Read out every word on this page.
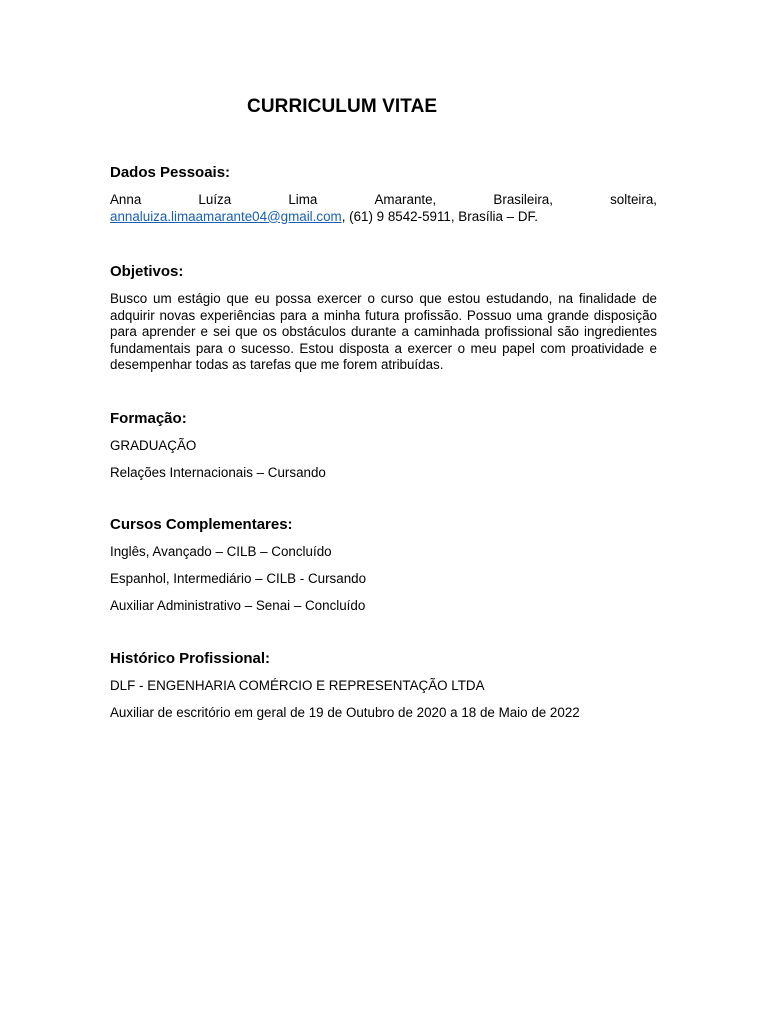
CURRICULUM VITAE

Dados Pessoais:

Anna	Luíza	Lima	Amarante,	Brasileira,	solteira,

annaluiza.limaamarante04@gmail.com, (61) 9 8542-5911, Brasília – DF.

Objetivos:

Busco um estágio que eu possa exercer o curso que estou estudando, na finalidade de adquirir novas experiências para a minha futura profissão. Possuo uma grande disposição para aprender e sei que os obstáculos durante a caminhada profissional são ingredientes fundamentais para o sucesso. Estou disposta a exercer o meu papel com proatividade e desempenhar todas as tarefas que me forem atribuídas.

Formação:

GRADUAÇÃO

Relações Internacionais – Cursando

Cursos Complementares:

Inglês, Avançado – CILB – Concluído

Espanhol, Intermediário – CILB - Cursando

Auxiliar Administrativo – Senai – Concluído

Histórico Profissional:

DLF - ENGENHARIA COMÉRCIO E REPRESENTAÇÃO LTDA

Auxiliar de escritório em geral de 19 de Outubro de 2020 a 18 de Maio de 2022
